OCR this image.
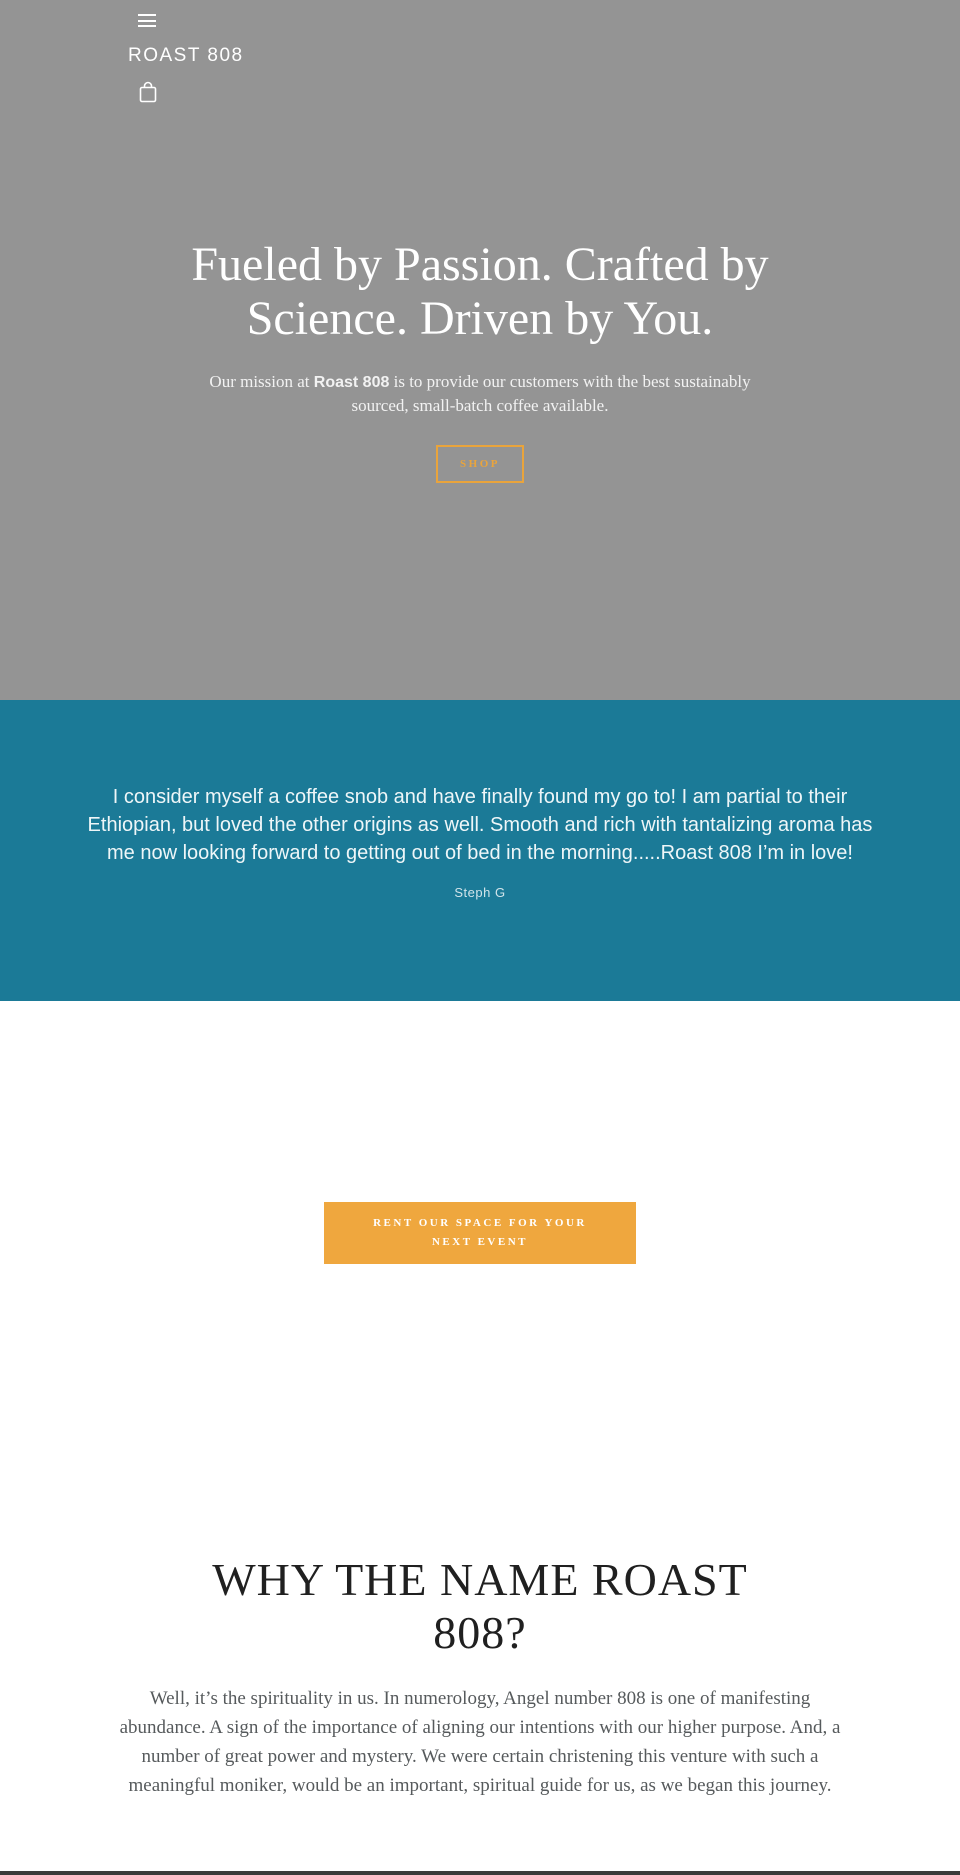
ROAST 808
Fueled by Passion. Crafted by Science. Driven by You.

Our mission at Roast 808 is to provide our customers with the best sustainably sourced, small-batch coffee available.

SHOP

I consider myself a coffee snob and have finally found my go to! I am partial to their Ethiopian, but loved the other origins as well. Smooth and rich with tantalizing aroma has me now looking forward to getting out of bed in the morning.....Roast 808 I’m in love!

Steph G

RENT OUR SPACE FOR YOUR NEXT EVENT
WHY THE NAME ROAST 808?

Well, it’s the spirituality in us. In numerology, Angel number 808 is one of manifesting abundance. A sign of the importance of aligning our intentions with our higher purpose. And, a number of great power and mystery. We were certain christening this venture with such a meaningful moniker, would be an important, spiritual guide for us, as we began this journey.
